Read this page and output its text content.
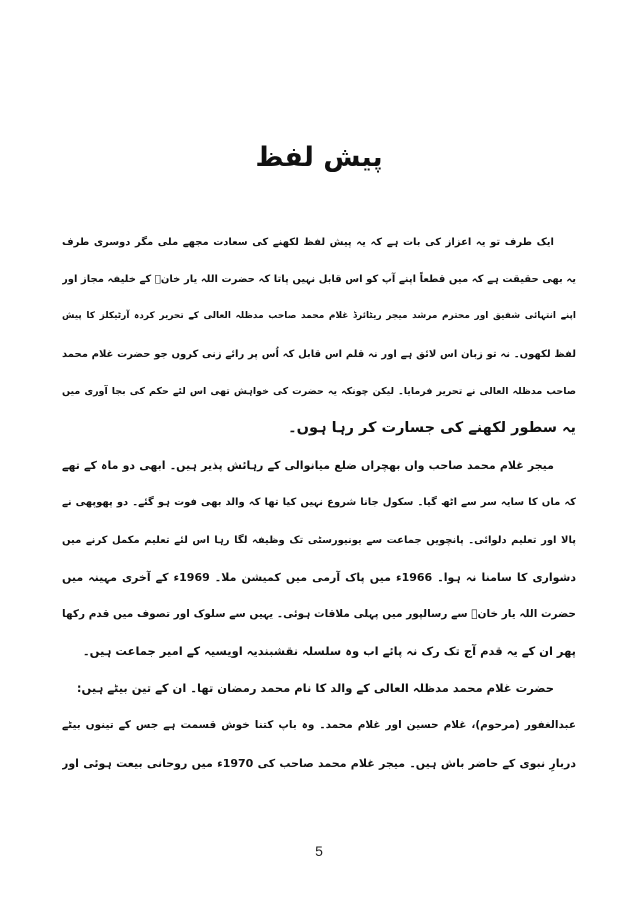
پیش لفظ
ایک طرف تو یہ اعزاز کی بات ہے کہ یہ پیش لفظ لکھنے کی سعادت مجھے ملی مگر دوسری طرف
یہ بھی حقیقت ہے کہ میں قطعاً اپنے آپ کو اس قابل نہیں پاتا کہ حضرت اللہ یار خانؒ کے خلیفہ مجاز اور
اپنے انتہائی شفیق اور محترم مرشد میجر ریٹائرڈ غلام محمد صاحب مدظلہ العالی کے تحریر کردہ آرٹیکلز کا پیش
لفظ لکھوں۔ نہ تو زبان اس لائق ہے اور نہ قلم اس قابل کہ اُس پر رائے زنی کروں جو حضرت غلام محمد
صاحب مدظلہ العالی نے تحریر فرمایا۔ لیکن چونکہ یہ حضرت کی خواہش تھی اس لئے حکم کی بجا آوری میں
یہ سطور لکھنے کی جسارت کر رہا ہوں۔
میجر غلام محمد صاحب واں بھچراں ضلع میانوالی کے رہائش پذیر ہیں۔ ابھی دو ماہ کے تھے
کہ ماں کا سایہ سر سے اٹھ گیا۔ سکول جانا شروع نہیں کیا تھا کہ والد بھی فوت ہو گئے۔ دو پھوپھی نے
پالا اور تعلیم دلوائی۔ پانچویں جماعت سے یونیورسٹی تک وظیفہ لگا رہا اس لئے تعلیم مکمل کرنے میں
دشواری کا سامنا نہ ہوا۔ 1966ء میں پاک آرمی میں کمیشن ملا۔ 1969ء کے آخری مہینہ میں
حضرت اللہ یار خانؒ سے رسالپور میں پہلی ملاقات ہوئی۔ یہیں سے سلوک اور تصوف میں قدم رکھا
پھر ان کے یہ قدم آج تک رک نہ پائے اب وہ سلسلہ نقشبندیہ اویسیہ کے امیر جماعت ہیں۔
حضرت غلام محمد مدظلہ العالی کے والد کا نام محمد رمضان تھا۔ ان کے تین بیٹے ہیں:
عبدالغفور (مرحوم)، غلام حسین اور غلام محمد۔ وہ باپ کتنا خوش قسمت ہے جس کے تینوں بیٹے
دربارِ نبوی کے حاضر باش ہیں۔ میجر غلام محمد صاحب کی 1970ء میں روحانی بیعت ہوئی اور
5
